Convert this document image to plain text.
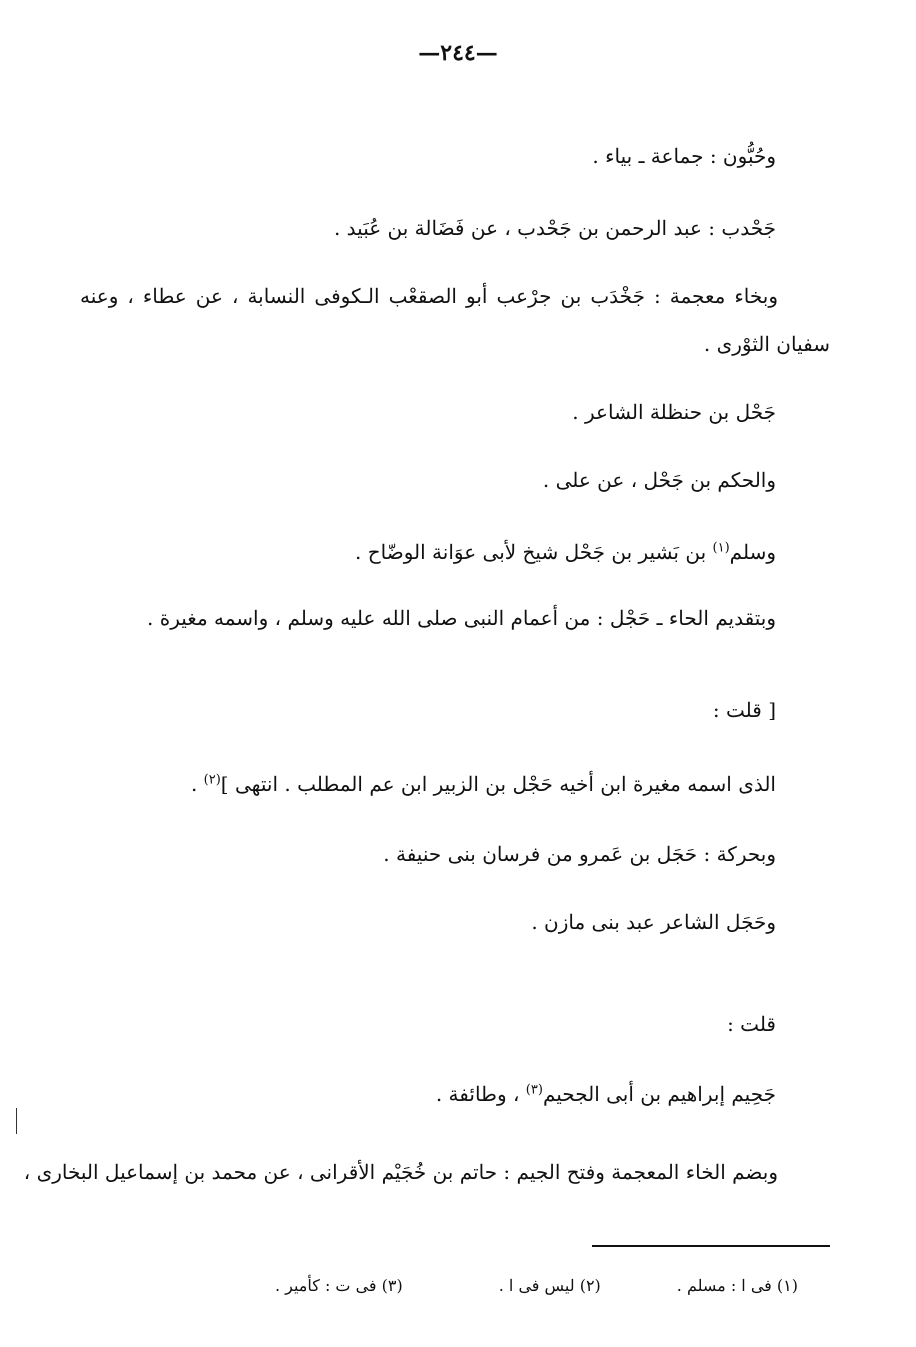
—٢٤٤—
وحُبُّون : جماعة ـ بياء .
جَحْدب : عبد الرحمن بن جَحْدب ، عن فَضَالة بن عُبَيد .
وبخاء معجمة : جَخْدَب بن جرْعب أبو الصقعْب الـكوفى النسابة ، عن عطاء ، وعنه
سفيان الثوْرى .
جَحْل بن حنظلة الشاعر .
والحكم بن جَحْل ، عن على .
وسلم$^{(١)}$ بن بَشير بن جَحْل شيخ لأبى عوَانة الوضّاح .
وبتقديم الحاء ـ حَجْل : من أعمام النبى صلى الله عليه وسلم ، واسمه مغيرة .
[ قلت :
الذى اسمه مغيرة ابن أخيه حَجْل بن الزبير ابن عم المطلب . انتهى ]$^{(٢)}$ .
وبحركة : حَجَل بن عَمرو من فرسان بنى حنيفة .
وحَجَل الشاعر عبد بنى مازن .
قلت :
جَحِيم إبراهيم بن أبى الجحيم$^{(٣)}$ ، وطائفة .
وبضم الخاء المعجمة وفتح الجيم : حاتم بن خُجَيْم الأقرانى ، عن محمد بن إسماعيل البخارى ،
(١) فى ا : مسلم .(٢) ليس فى ا .(٣) فى ت : كأمير .
